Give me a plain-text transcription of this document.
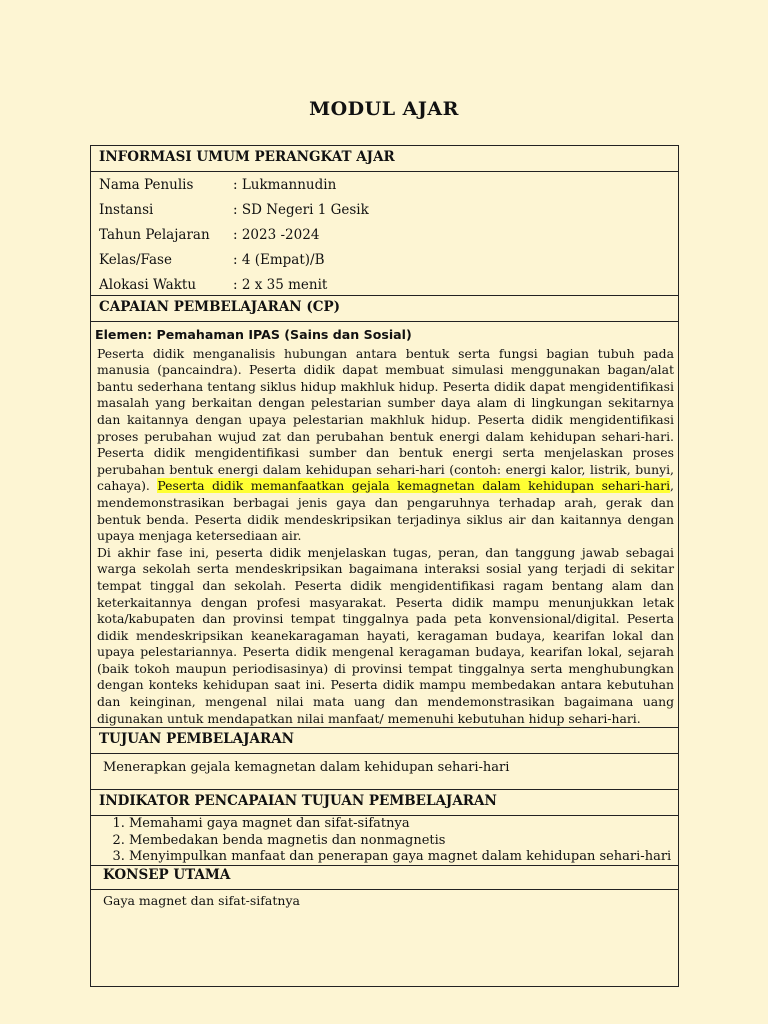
MODUL AJAR
INFORMASI UMUM PERANGKAT AJAR
Nama Penulis	: Lukmannudin
Instansi	: SD Negeri 1 Gesik
Tahun Pelajaran	: 2023 -2024
Kelas/Fase	: 4 (Empat)/B
Alokasi Waktu	: 2 x 35 menit
CAPAIAN PEMBELAJARAN (CP)
Elemen: Pemahaman IPAS (Sains dan Sosial)

Peserta didik menganalisis hubungan antara bentuk serta fungsi bagian tubuh pada manusia (pancaindra). Peserta didik dapat membuat simulasi menggunakan bagan/alat bantu sederhana tentang siklus hidup makhluk hidup. Peserta didik dapat mengidentifikasi masalah yang berkaitan dengan pelestarian sumber daya alam di lingkungan sekitarnya dan kaitannya dengan upaya pelestarian makhluk hidup. Peserta didik mengidentifikasi proses perubahan wujud zat dan perubahan bentuk energi dalam kehidupan sehari-hari. Peserta didik mengidentifikasi sumber dan bentuk energi serta menjelaskan proses perubahan bentuk energi dalam kehidupan sehari-hari (contoh: energi kalor, listrik, bunyi, cahaya). Peserta didik memanfaatkan gejala kemagnetan dalam kehidupan sehari-hari, mendemonstrasikan berbagai jenis gaya dan pengaruhnya terhadap arah, gerak dan bentuk benda. Peserta didik mendeskripsikan terjadinya siklus air dan kaitannya dengan upaya menjaga ketersediaan air.

Di akhir fase ini, peserta didik menjelaskan tugas, peran, dan tanggung jawab sebagai warga sekolah serta mendeskripsikan bagaimana interaksi sosial yang terjadi di sekitar tempat tinggal dan sekolah. Peserta didik mengidentifikasi ragam bentang alam dan keterkaitannya dengan profesi masyarakat. Peserta didik mampu menunjukkan letak kota/kabupaten dan provinsi tempat tinggalnya pada peta konvensional/digital. Peserta didik mendeskripsikan keanekaragaman hayati, keragaman budaya, kearifan lokal dan upaya pelestariannya. Peserta didik mengenal keragaman budaya, kearifan lokal, sejarah (baik tokoh maupun periodisasinya) di provinsi tempat tinggalnya serta menghubungkan dengan konteks kehidupan saat ini. Peserta didik mampu membedakan antara kebutuhan dan keinginan, mengenal nilai mata uang dan mendemonstrasikan bagaimana uang digunakan untuk mendapatkan nilai manfaat/ memenuhi kebutuhan hidup sehari-hari.

TUJUAN PEMBELAJARAN
Menerapkan gejala kemagnetan dalam kehidupan sehari-hari
INDIKATOR PENCAPAIAN TUJUAN PEMBELAJARAN
1. Memahami gaya magnet dan sifat-sifatnya
2. Membedakan benda magnetis dan nonmagnetis
3. Menyimpulkan manfaat dan penerapan gaya magnet dalam kehidupan sehari-hari
KONSEP UTAMA
Gaya magnet dan sifat-sifatnya
